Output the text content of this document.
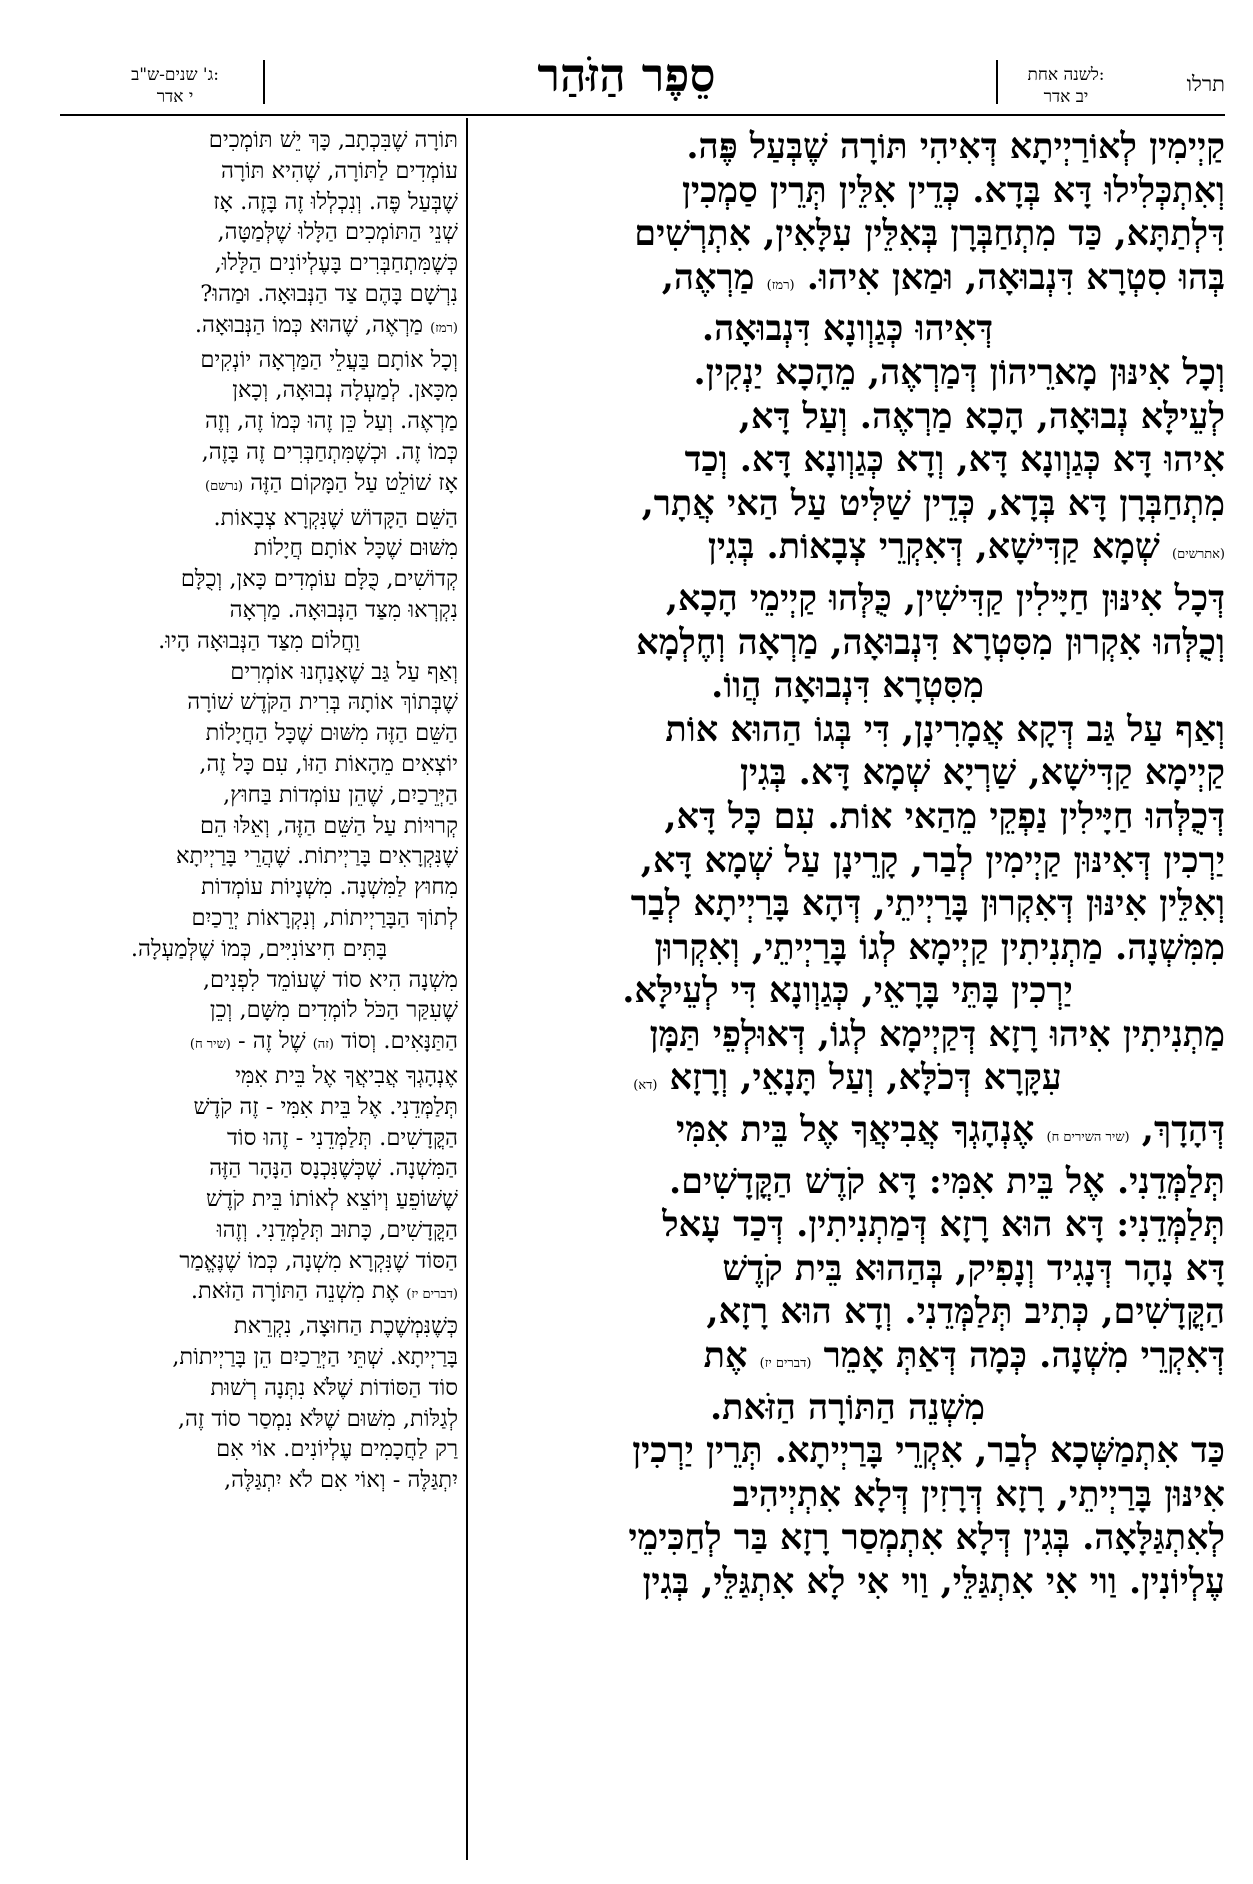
תרלו
לשנה אחת:
יב אדר
סֵפֶר הַזֹּהַר
ג' שנים-ש"ב:
י אדר

קַיְימִין לְאוֹרַיְיתָא דְּאִיהִי תּוֹרָה שֶׁבְּעַל פֶּה.

וְאִתְכְּלִילוּ דָּא בְּדָא. כְּדֵין אִלֵּין תְּרֵין סַמְכִין

דִּלְתַתָּא, כַּד מִתְחַבְּרָן בְּאִלֵּין עִלָּאִין, אִתְרְשִׁים

בְּהוּ סִטְרָא דִּנְבוּאָה, וּמַאן אִיהוּ. (רמז) מַרְאֶה,

דְּאִיהוּ כְּגַוְונָא דִּנְבוּאָה.

וְכָל אִינּוּן מָארֵיהוֹן דְּמַרְאֶה, מֵהָכָא יַנְקִין.

לְעֵילָּא נְבוּאָה, הָכָא מַרְאֶה. וְעַל דָּא,

אִיהוּ דָּא כְּגַוְונָא דָּא, וְדָא כְּגַוְונָא דָּא. וְכַד

מִתְחַבְּרָן דָּא בְּדָא, כְּדֵין שַׁלִּיט עַל הַאי אֲתָר,

(אתרשים) שְׁמָא קַדִּישָׁא, דְּאִקְרֵי צְבָאוֹת. בְּגִין

דְּכָל אִינּוּן חַיָּילִין קַדִּישִׁין, כֻּלְּהוּ קַיְימֵי הָכָא,

וְכֻלְּהוּ אִקְרוּן מִסִּטְרָא דִּנְבוּאָה, מַרְאָה וְחֶלְמָא

מִסִּטְרָא דִּנְבוּאָה הֲווֹ.

וְאַף עַל גַּב דְּקָא אֲמָרִינָן, דִּי בְּגוֹ הַהוּא אוֹת

קַיְימָא קַדִּישָׁא, שַׁרְיָא שְׁמָא דָּא. בְּגִין

דְּכֻלְּהוּ חַיָּילִין נַפְקֵי מֵהַאי אוֹת. עִם כָּל דָּא,

יַרְכִין דְּאִינּוּן קַיְימִין לְבַר, קָרֵינָן עַל שְׁמָא דָּא,

וְאִלֵּין אִינּוּן דְּאִקְרוּן בָּרַיְיתֵי, דְּהָא בָּרַיְיתָא לְבַר

מִמִּשְׁנָה. מַתְנִיתִין קַיְימָא לְגוֹ בָּרַיְיתֵי, וְאִקְרוּן

יַרְכִין בָּתֵּי בָּרָאֵי, כְּגַוְונָא דִּי לְעֵילָּא.

מַתְנִיתִין אִיהוּ רָזָא דְּקַיְימָא לְגוֹ, דְּאוּלְפֵי תַּמָּן

עִקָּרָא דְּכֹלָּא, וְעַל תָּנָאֵי, וְרָזָא (דא)

דְּהָדָךְ, (שיר השירים ח) אֶנְהָגְךָ אֲבִיאֲךָ אֶל בֵּית אִמִּי

תְּלַמְּדֵנִי. אֶל בֵּית אִמִּי: דָּא קֹדֶשׁ הַקֳּדָשִׁים.

תְּלַמְּדֵנִי: דָּא הוּא רָזָא דְּמַתְנִיתִין. דְּכַד עָאל

דָּא נָהָר דְּנָגִיד וְנָפִיק, בְּהַהוּא בֵּית קֹדֶשׁ

הַקֳּדָשִׁים, כְּתִיב תְּלַמְּדֵנִי. וְדָא הוּא רָזָא,

דְּאִקְרֵי מִשְׁנָה. כְּמָה דְּאַתְּ אָמֵר (דברים יז) אֶת

מִשְׁנֵה הַתּוֹרָה הַזֹּאת.

כַּד אִתְמַשְּׁכָא לְבַר, אִקְרֵי בָּרַיְיתָא. תְּרֵין יַרְכִין

אִינּוּן בָּרַיְיתֵי, רָזָא דְּרָזִין דְּלָא אִתְיְיהִיב

לְאִתְגַּלָּאָה. בְּגִין דְּלָא אִתְמְסַר רָזָא בַּר לְחַכִּימֵי

עֶלְיוֹנִין. וַוי אִי אִתְגַּלֵּי, וַוי אִי לָא אִתְגַּלֵּי, בְּגִין

תּוֹרָה שֶׁבִּכְתָב, כָּךְ יֵשׁ תּוֹמְכִים

עוֹמְדִים לַתּוֹרָה, שֶׁהִיא תּוֹרָה

שֶׁבְּעַל פֶּה. וְנִכְלְלוּ זֶה בָּזֶה. אָז

שְׁנֵי הַתּוֹמְכִים הַלָּלוּ שֶׁלְּמַטָּה,

כְּשֶׁמִּתְחַבְּרִים בָּעֶלְיוֹנִים הַלָּלוּ,

נִרְשָׁם בָּהֶם צַד הַנְּבוּאָה. וּמַהוּ?

(רמז) מַרְאֶה, שֶׁהוּא כְּמוֹ הַנְּבוּאָה.

וְכָל אוֹתָם בַּעֲלֵי הַמַּרְאָה יוֹנְקִים

מִכָּאן. לְמַעְלָה נְבוּאָה, וְכָאן

מַרְאֶה. וְעַל כֵּן זֶהוּ כְּמוֹ זֶה, וְזֶה

כְּמוֹ זֶה. וּכְשֶׁמִּתְחַבְּרִים זֶה בָּזֶה,

אָז שׁוֹלֵט עַל הַמָּקוֹם הַזֶּה (נרשם)

הַשֵּׁם הַקָּדוֹשׁ שֶׁנִּקְרָא צְבָאוֹת.

מִשּׁוּם שֶׁכָּל אוֹתָם חֲיָלוֹת

קְדוֹשִׁים, כֻּלָּם עוֹמְדִים כָּאן, וְכֻלָּם

נִקְרְאוּ מִצַּד הַנְּבוּאָה. מַרְאָה

וַחֲלוֹם מִצַּד הַנְּבוּאָה הָיוּ.

וְאַף עַל גַּב שֶׁאָנַחְנוּ אוֹמְרִים

שֶׁבְּתוֹךְ אוֹתָהּ בְּרִית הַקֹּדֶשׁ שׁוֹרָה

הַשֵּׁם הַזֶּה מִשּׁוּם שֶׁכָּל הַחֲיָלוֹת

יוֹצְאִים מֵהָאוֹת הַזּוֹ, עִם כָּל זֶה,

הַיְּרֵכַיִם, שֶׁהֵן עוֹמְדוֹת בַּחוּץ,

קְרוּיוֹת עַל הַשֵּׁם הַזֶּה, וְאֵלּוּ הֵם

שֶׁנִּקְרָאִים בָּרַיְיתוֹת. שֶׁהֲרֵי בָּרַיְיתָא

מִחוּץ לַמִּשְׁנָה. מִשְׁנָיוֹת עוֹמְדוֹת

לְתוֹךְ הַבָּרַיְיתוֹת, וְנִקְרָאוֹת יְרֵכַיִם

בָּתִּים חִיצוֹנִיִּים, כְּמוֹ שֶׁלְּמַעְלָה.

מִשְׁנָה הִיא סוֹד שֶׁעוֹמֵד לִפְנִים,

שֶׁעִקַּר הַכֹּל לוֹמְדִים מִשָּׁם, וְכֵן

הַתַּנָּאִים. וְסוֹד (זה) שֶׁל זֶה - (שיר ח)

אֶנְהָגְךָ אֲבִיאֲךָ אֶל בֵּית אִמִּי

תְּלַמְּדֵנִי. אֶל בֵּית אִמִּי - זֶה קֹדֶשׁ

הַקֳּדָשִׁים. תְּלַמְּדֵנִי - זֶהוּ סוֹד

הַמִּשְׁנָה. שֶׁכְּשֶׁנִּכְנָס הַנָּהָר הַזֶּה

שֶׁשּׁוֹפֵעַ וְיוֹצֵא לְאוֹתוֹ בֵּית קֹדֶשׁ

הַקֳּדָשִׁים, כָּתוּב תְּלַמְּדֵנִי. וְזֶהוּ

הַסּוֹד שֶׁנִּקְרָא מִשְׁנָה, כְּמוֹ שֶׁנֶּאֱמַר

(דברים יז) אֶת מִשְׁנֵה הַתּוֹרָה הַזֹּאת.

כְּשֶׁנִּמְשֶׁכֶת הַחוּצָה, נִקְרֵאת

בָּרַיְיתָא. שְׁתֵּי הַיְּרֵכַיִם הֵן בָּרַיְיתוֹת,

סוֹד הַסּוֹדוֹת שֶׁלֹּא נִתְּנָה רְשׁוּת

לְגַלּוֹת, מִשּׁוּם שֶׁלֹּא נִמְסַר סוֹד זֶה,

רַק לַחֲכָמִים עֶלְיוֹנִים. אוֹי אִם

יִתְגַּלֶּה - וְאוֹי אִם לֹא יִתְגַּלֶּה,
